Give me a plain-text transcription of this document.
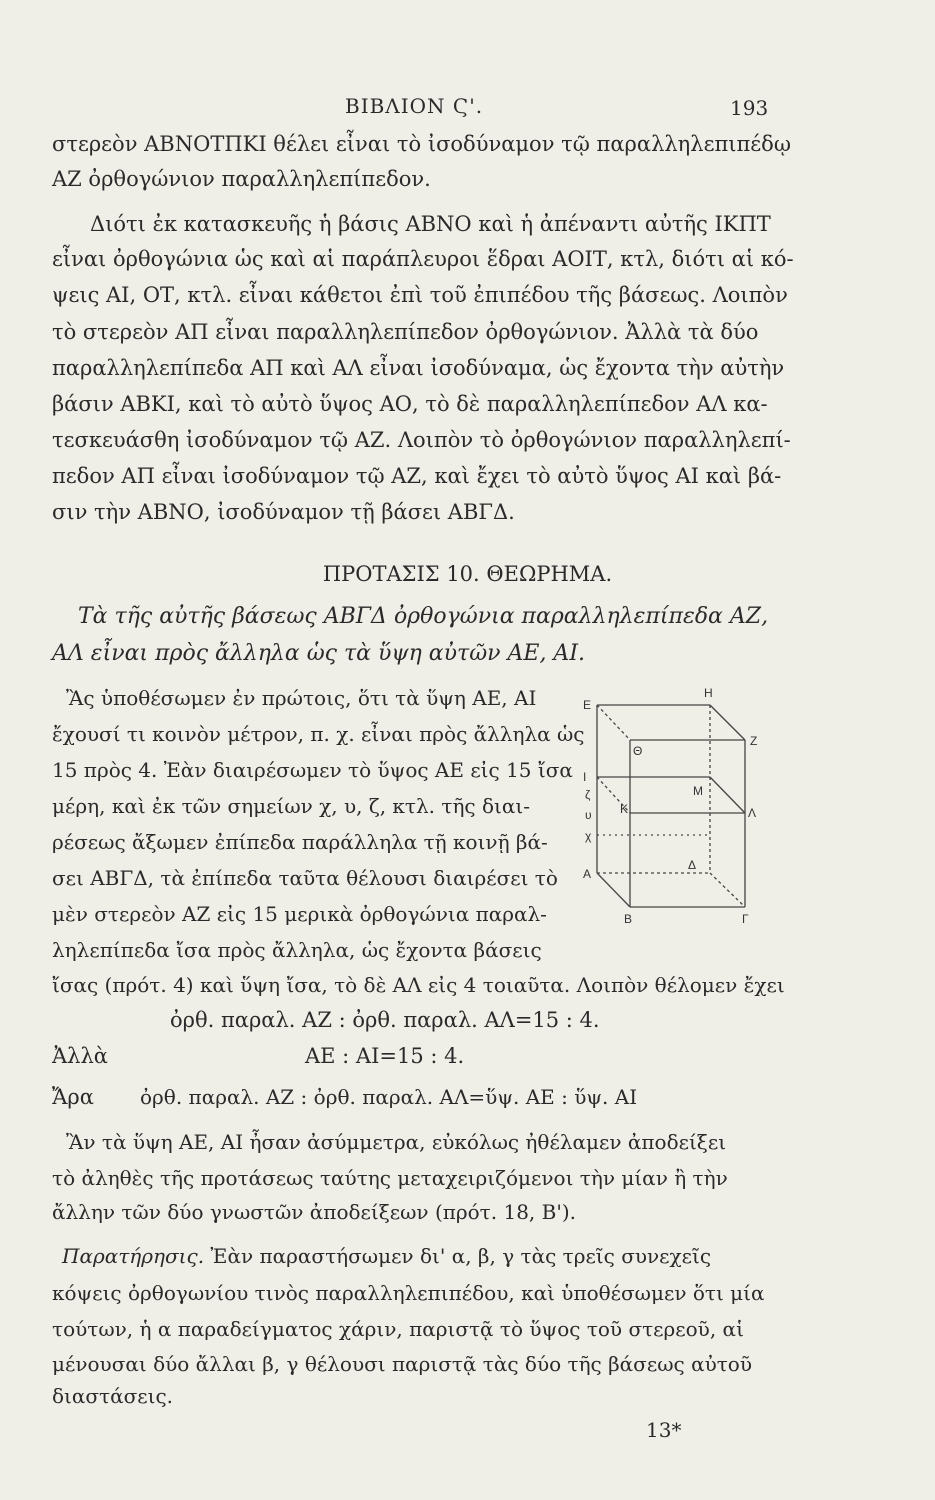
ΒΙΒΛΙΟΝ Ϛ'.	193
στερεὸν ΑΒΝΟΤΠΚΙ θέλει εἶναι τὸ ἰσοδύναμον τῷ παραλληλεπιπέδῳ
ΑΖ ὀρθογώνιον παραλληλεπίπεδον.
Διότι ἐκ κατασκευῆς ἡ βάσις ΑΒΝΟ καὶ ἡ ἀπέναντι αὐτῆς ΙΚΠΤ
εἶναι ὀρθογώνια ὡς καὶ αἱ παράπλευροι ἕδραι ΑΟΙΤ, κτλ, διότι αἱ κό-
ψεις ΑΙ, ΟΤ, κτλ. εἶναι κάθετοι ἐπὶ τοῦ ἐπιπέδου τῆς βάσεως. Λοιπὸν
τὸ στερεὸν ΑΠ εἶναι παραλληλεπίπεδον ὀρθογώνιον. Ἀλλὰ τὰ δύο
παραλληλεπίπεδα ΑΠ καὶ ΑΛ εἶναι ἰσοδύναμα, ὡς ἔχοντα τὴν αὐτὴν
βάσιν ΑΒΚΙ, καὶ τὸ αὐτὸ ὕψος ΑΟ, τὸ δὲ παραλληλεπίπεδον ΑΛ κα-
τεσκευάσθη ἰσοδύναμον τῷ ΑΖ. Λοιπὸν τὸ ὀρθογώνιον παραλληλεπί-
πεδον ΑΠ εἶναι ἰσοδύναμον τῷ ΑΖ, καὶ ἔχει τὸ αὐτὸ ὕψος ΑΙ καὶ βά-
σιν τὴν ΑΒΝΟ, ἰσοδύναμον τῇ βάσει ΑΒΓΔ.
ΠΡΟΤΑΣΙΣ 10. ΘΕΩΡΗΜΑ.
Τὰ τῆς αὐτῆς βάσεως ΑΒΓΔ ὀρθογώνια παραλληλεπίπεδα ΑΖ,
ΑΛ εἶναι πρὸς ἄλληλα ὡς τὰ ὕψη αὐτῶν ΑΕ, ΑΙ.
Ἂς ὑποθέσωμεν ἐν πρώτοις, ὅτι τὰ ὕψη ΑΕ, ΑΙ
ἔχουσί τι κοινὸν μέτρον, π. χ. εἶναι πρὸς ἄλληλα ὡς
15 πρὸς 4. Ἐὰν διαιρέσωμεν τὸ ὕψος ΑΕ εἰς 15 ἴσα
μέρη, καὶ ἐκ τῶν σημείων χ, υ, ζ, κτλ. τῆς διαι-
ρέσεως ἄξωμεν ἐπίπεδα παράλληλα τῇ κοινῇ βά-
σει ΑΒΓΔ, τὰ ἐπίπεδα ταῦτα θέλουσι διαιρέσει τὸ
μὲν στερεὸν ΑΖ εἰς 15 μερικὰ ὀρθογώνια παραλ-
ληλεπίπεδα ἴσα πρὸς ἄλληλα, ὡς ἔχοντα βάσεις
ἴσας (πρότ. 4) καὶ ὕψη ἴσα, τὸ δὲ ΑΛ εἰς 4 τοιαῦτα. Λοιπὸν θέλομεν ἔχει
Ε
Η
Θ
Ζ
Ι
Μ
ζ
υ Κ	Λ
χ
Α
Δ
Β	Γ
ὀρθ. παραλ. ΑΖ : ὀρθ. παραλ. ΑΛ=15 : 4.
Ἀλλὰ	ΑΕ : ΑΙ=15 : 4.
Ἄρα ὀρθ. παραλ. ΑΖ : ὀρθ. παραλ. ΑΛ=ὕψ. ΑΕ : ὕψ. ΑΙ
Ἂν τὰ ὕψη ΑΕ, ΑΙ ἦσαν ἀσύμμετρα, εὐκόλως ἠθέλαμεν ἀποδείξει
τὸ ἀληθὲς τῆς προτάσεως ταύτης μεταχειριζόμενοι τὴν μίαν ἢ τὴν
ἄλλην τῶν δύο γνωστῶν ἀποδείξεων (πρότ. 18, Β').
Παρατήρησις. Ἐὰν παραστήσωμεν δι' α, β, γ τὰς τρεῖς συνεχεῖς
κόψεις ὀρθογωνίου τινὸς παραλληλεπιπέδου, καὶ ὑποθέσωμεν ὅτι μία
τούτων, ἡ α παραδείγματος χάριν, παριστᾷ τὸ ὕψος τοῦ στερεοῦ, αἱ
μένουσαι δύο ἄλλαι β, γ θέλουσι παριστᾷ τὰς δύο τῆς βάσεως αὐτοῦ
διαστάσεις.
13*
